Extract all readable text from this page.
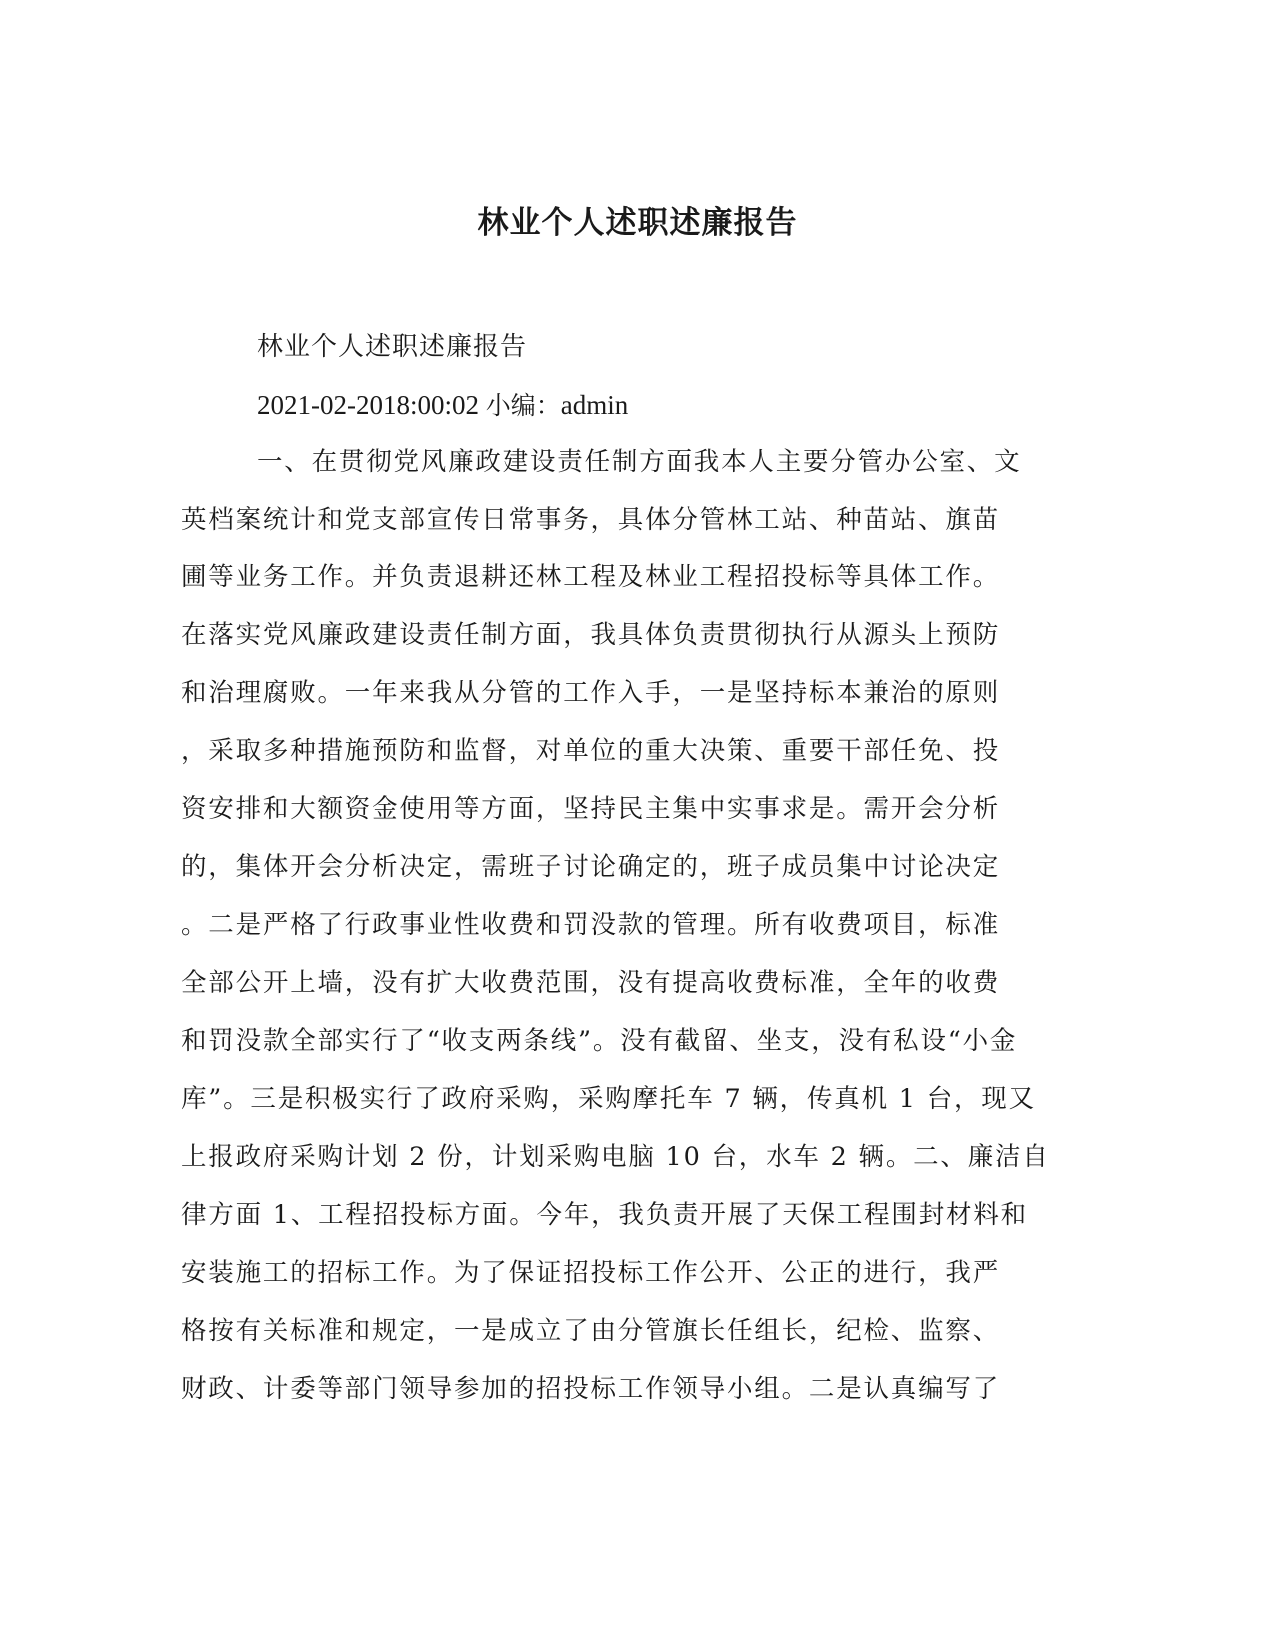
林业个人述职述廉报告
林业个人述职述廉报告
2021-02-2018:00:02 小编：admin
一、在贯彻党风廉政建设责任制方面我本人主要分管办公室、文
英档案统计和党支部宣传日常事务，具体分管林工站、种苗站、旗苗
圃等业务工作。并负责退耕还林工程及林业工程招投标等具体工作。
在落实党风廉政建设责任制方面，我具体负责贯彻执行从源头上预防
和治理腐败。一年来我从分管的工作入手，一是坚持标本兼治的原则
，采取多种措施预防和监督，对单位的重大决策、重要干部任免、投
资安排和大额资金使用等方面，坚持民主集中实事求是。需开会分析
的，集体开会分析决定，需班子讨论确定的，班子成员集中讨论决定
。二是严格了行政事业性收费和罚没款的管理。所有收费项目，标准
全部公开上墙，没有扩大收费范围，没有提高收费标准，全年的收费
和罚没款全部实行了“收支两条线”。没有截留、坐支，没有私设“小金
库”。三是积极实行了政府采购，采购摩托车 7 辆，传真机 1 台，现又
上报政府采购计划 2 份，计划采购电脑 10 台，水车 2 辆。二、廉洁自
律方面 1、工程招投标方面。今年，我负责开展了天保工程围封材料和
安装施工的招标工作。为了保证招投标工作公开、公正的进行，我严
格按有关标准和规定，一是成立了由分管旗长任组长，纪检、监察、
财政、计委等部门领导参加的招投标工作领导小组。二是认真编写了
